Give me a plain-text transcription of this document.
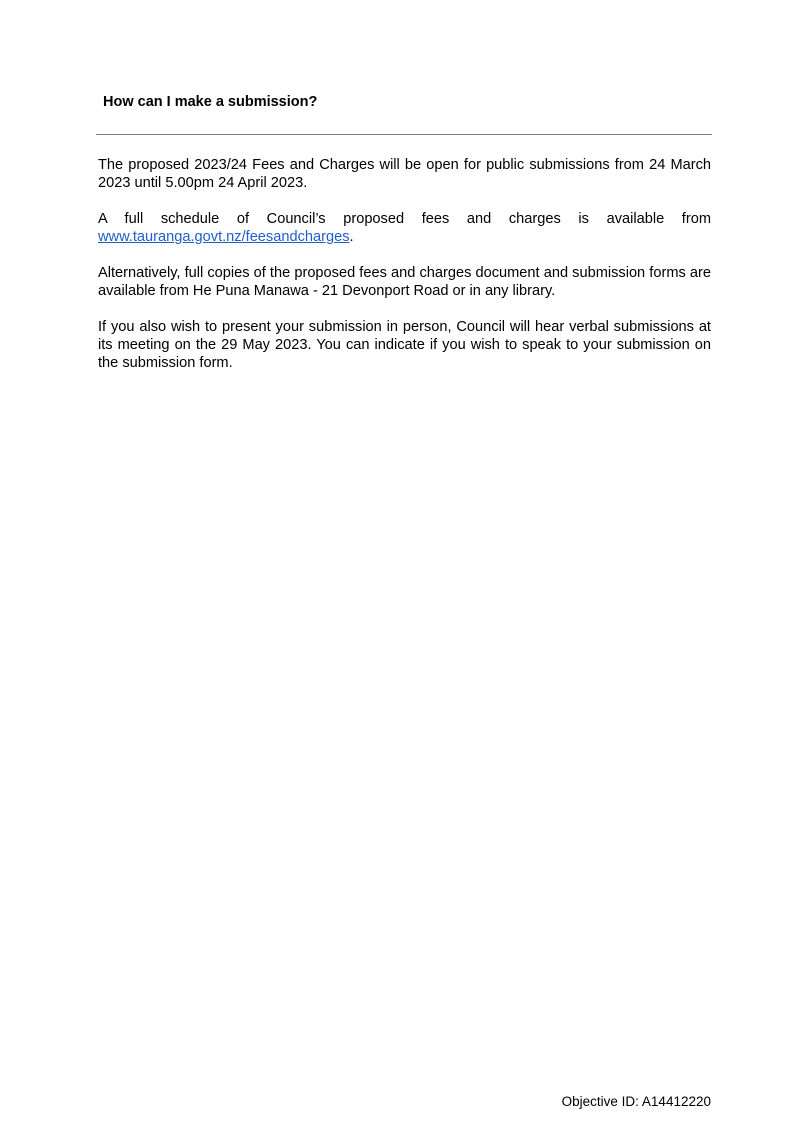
How can I make a submission?

The proposed 2023/24 Fees and Charges will be open for public submissions from 24 March 2023 until 5.00pm 24 April 2023.

A full schedule of Council’s proposed fees and charges is available from www.tauranga.govt.nz/feesandcharges.

Alternatively, full copies of the proposed fees and charges document and submission forms are available from He Puna Manawa - 21 Devonport Road or in any library.

If you also wish to present your submission in person, Council will hear verbal submissions at its meeting on the 29 May 2023. You can indicate if you wish to speak to your submission on the submission form.

Objective ID: A14412220
